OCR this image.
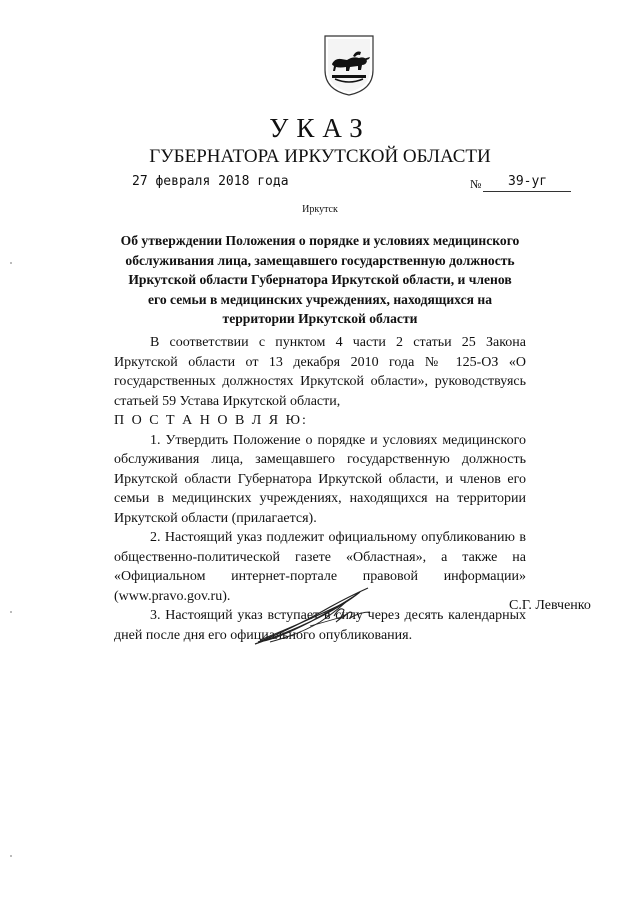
УКАЗ
ГУБЕРНАТОРА ИРКУТСКОЙ ОБЛАСТИ
27 февраля 2018 года	№ 39-уг
Иркутск
Об утверждении Положения о порядке и условиях медицинского обслуживания лица, замещавшего государственную должность Иркутской области Губернатора Иркутской области, и членов его семьи в медицинских учреждениях, находящихся на территории Иркутской области

В соответствии с пунктом 4 части 2 статьи 25 Закона Иркутской области от 13 декабря 2010 года № 125-ОЗ «О государственных должностях Иркутской области», руководствуясь статьей 59 Устава Иркутской области,

П О С Т А Н О В Л Я Ю:

1. Утвердить Положение о порядке и условиях медицинского обслуживания лица, замещавшего государственную должность Иркутской области Губернатора Иркутской области, и членов его семьи в медицинских учреждениях, находящихся на территории Иркутской области (прилагается).

2. Настоящий указ подлежит официальному опубликованию в общественно-политической газете «Областная», а также на «Официальном интернет-портале правовой информации» (www.pravo.gov.ru).

3. Настоящий указ вступает в силу через десять календарных дней после дня его официального опубликования.

С.Г. Левченко
